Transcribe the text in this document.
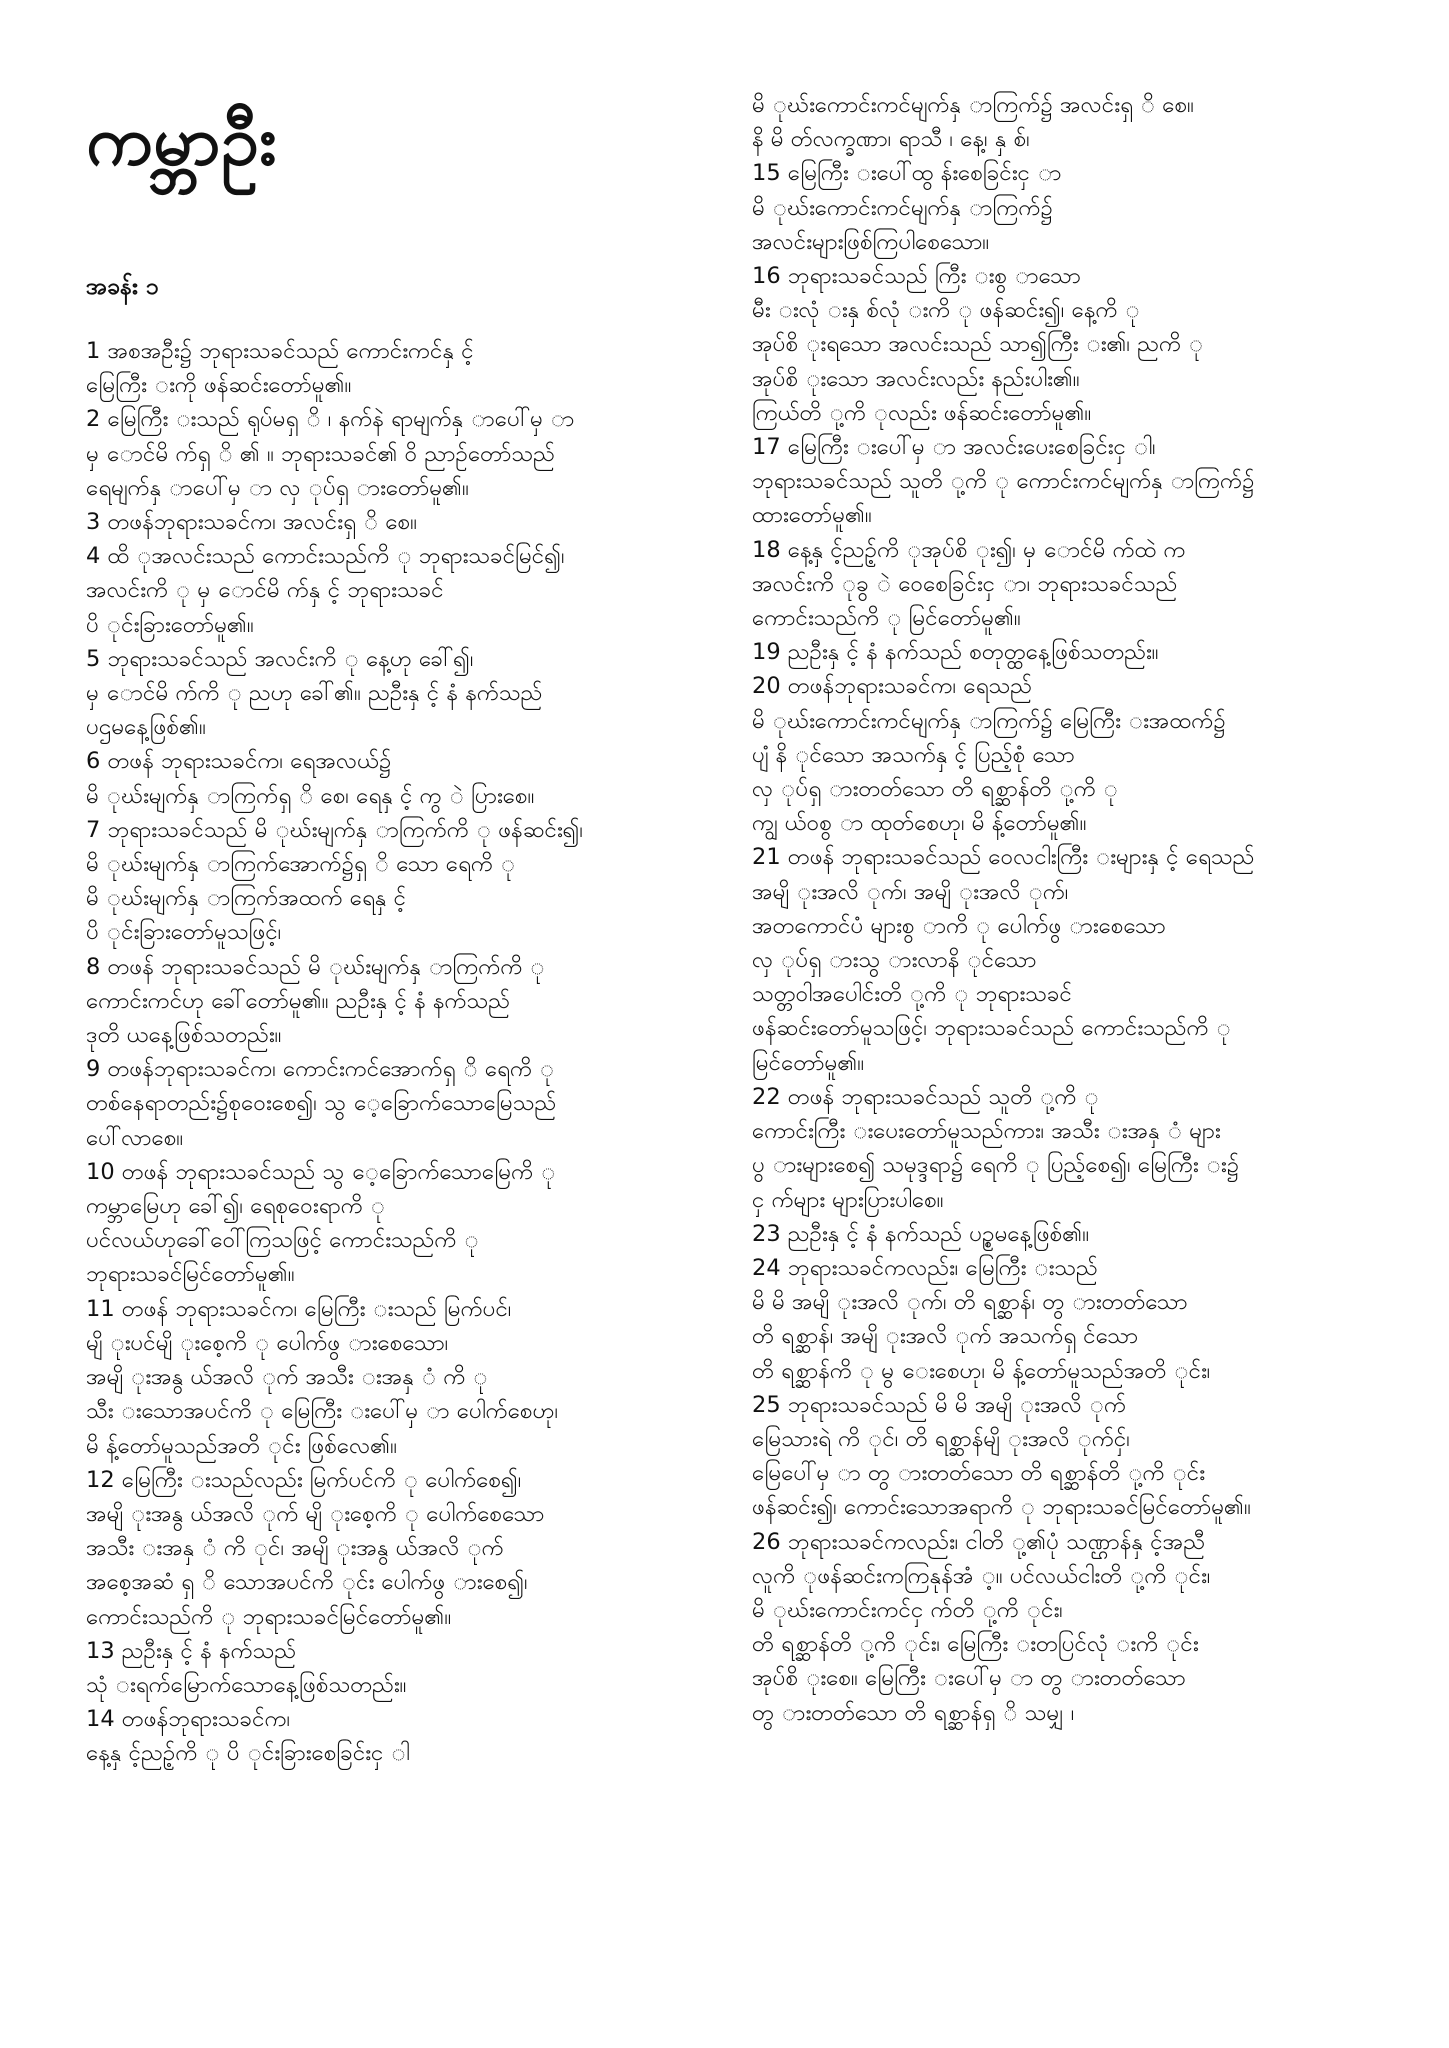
ကမ္ဘာဦး
အခန်း ၁
1 အစအဦး၌ ဘုရားသခင်သည် ကောင်းကင်နှ င့်
မြေကြီး းကို ဖန်ဆင်းတော်မူ၏။
2 မြေကြီး းသည် ရုပ်မရှ ိ ၊ နက်နဲ ရာမျက်နှ ာပေါ်မှ ာ
မှ ောင်မိ က်ရှ ိ ၏ ။ ဘုရားသခင်၏ ဝိ ညာဉ်တော်သည်
ရေမျက်နှ ာပေါ်မှ ာ လှ ုပ်ရှ ားတော်မူ၏။
3 တဖန်ဘုရားသခင်က၊ အလင်းရှ ိ စေ။
4 ထိ ုအလင်းသည် ကောင်းသည်ကိ ု ဘုရားသခင်မြင်၍၊
အလင်းကိ ု မှ ောင်မိ က်နှ င့် ဘုရားသခင်
ပိ ုင်းခြားတော်မူ၏။
5 ဘုရားသခင်သည် အလင်းကိ ု နေ့ဟု ခေါ်၍၊
မှ ောင်မိ က်ကိ ု ညဟု ခေါ်၏။ ညဦးနှ င့် နံ နက်သည်
ပဌမနေ့ဖြစ်၏။
6 တဖန် ဘုရားသခင်က၊ ရေအလယ်၌
မိ ုဃ်းမျက်နှ ာကြက်ရှ ိ စေ၊ ရေနှ င့် ကွ ဲ ပြားစေ။
7 ဘုရားသခင်သည် မိ ုဃ်းမျက်နှ ာကြက်ကိ ု ဖန်ဆင်း၍၊
မိ ုဃ်းမျက်နှ ာကြက်အောက်၌ရှ ိ သော ရေကိ ု
မိ ုဃ်းမျက်နှ ာကြက်အထက် ရေနှ င့်
ပိ ုင်းခြားတော်မူသဖြင့်၊
8 တဖန် ဘုရားသခင်သည် မိ ုဃ်းမျက်နှ ာကြက်ကိ ု
ကောင်းကင်ဟု ခေါ်တော်မူ၏။ ညဦးနှ င့် နံ နက်သည်
ဒုတိ ယနေ့ဖြစ်သတည်း။
9 တဖန်ဘုရားသခင်က၊ ကောင်းကင်အောက်ရှ ိ ရေကိ ု
တစ်နေရာတည်း၌စုဝေးစေ၍၊ သွ ေ့ခြောက်သောမြေသည်
ပေါ်လာစေ။
10 တဖန် ဘုရားသခင်သည် သွ ေ့ခြောက်သောမြေကိ ု
ကမ္ဘာမြေဟု ခေါ်၍၊ ရေစုဝေးရာကိ ု
ပင်လယ်ဟုခေါ်ဝေါ်ကြသဖြင့် ကောင်းသည်ကိ ု
ဘုရားသခင်မြင်တော်မူ၏။
11 တဖန် ဘုရားသခင်က၊ မြေကြီး းသည် မြက်ပင်၊
မျိ ုးပင်မျိ ုးစေ့ကိ ု ပေါက်ဖွ ားစေသော၊
အမျိ ုးအနွ ယ်အလိ ုက် အသီး းအနှ ံ ကိ ု
သီး းသောအပင်ကိ ု မြေကြီး းပေါ်မှ ာ ပေါက်စေဟု၊
မိ န့်တော်မူသည်အတိ ုင်း ဖြစ်လေ၏။
12 မြေကြီး းသည်လည်း မြက်ပင်ကိ ု ပေါက်စေ၍၊
အမျိ ုးအနွ ယ်အလိ ုက် မျိ ုးစေ့ကိ ု ပေါက်စေသော
အသီး းအနှ ံ ကိ ုင်၊ အမျိ ုးအနွ ယ်အလိ ုက်
အစေ့အဆံ ရှ ိ သောအပင်ကိ ုင်း ပေါက်ဖွ ားစေ၍၊
ကောင်းသည်ကိ ု ဘုရားသခင်မြင်တော်မူ၏။
13 ညဦးနှ င့် နံ နက်သည်
သုံ းရက်မြောက်သောနေ့ဖြစ်သတည်း။
14 တဖန်ဘုရားသခင်က၊
နေ့နှ င့်ညဉ့်ကိ ု ပိ ုင်းခြားစေခြင်းငှ ါ
မိ ုဃ်းကောင်းကင်မျက်နှ ာကြက်၌ အလင်းရှ ိ စေ။
နိ မိ တ်လက္ခဏာ၊ ရာသီ ၊ နေ့၊ နှ စ်၊
15 မြေကြီး းပေါ်ထွ န်းစေခြင်းငှ ာ
မိ ုဃ်းကောင်းကင်မျက်နှ ာကြက်၌
အလင်းများဖြစ်ကြပါစေသော။
16 ဘုရားသခင်သည် ကြီး းစွ ာသော
မီး းလုံ းနှ စ်လုံ းကိ ု ဖန်ဆင်း၍၊ နေ့ကိ ု
အုပ်စိ ုးရသော အလင်းသည် သာ၍ကြီး း၏၊ ညကိ ု
အုပ်စိ ုးသော အလင်းလည်း နည်းပါး၏။
ကြယ်တိ ု့ကိ ုလည်း ဖန်ဆင်းတော်မူ၏။
17 မြေကြီး းပေါ်မှ ာ အလင်းပေးစေခြင်းငှ ါ၊
ဘုရားသခင်သည် သူတိ ု့ကိ ု ကောင်းကင်မျက်နှ ာကြက်၌
ထားတော်မူ၏။
18 နေ့နှ င့်ညဉ့်ကိ ုအုပ်စိ ုး၍၊ မှ ောင်မိ က်ထဲ က
အလင်းကိ ုခွ ဲ ဝေစေခြင်းငှ ာ၊ ဘုရားသခင်သည်
ကောင်းသည်ကိ ု မြင်တော်မူ၏။
19 ညဦးနှ င့် နံ နက်သည် စတုတ္ထနေ့ဖြစ်သတည်း။
20 တဖန်ဘုရားသခင်က၊ ရေသည်
မိ ုဃ်းကောင်းကင်မျက်နှ ာကြက်၌ မြေကြီး းအထက်၌
ပျံ နိ ုင်သော အသက်နှ င့် ပြည့်စုံ သော
လှ ုပ်ရှ ားတတ်သော တိ ရစ္ဆာန်တိ ု့ကိ ု
ကျွ ယ်ဝစွ ာ ထုတ်စေဟု၊ မိ န့်တော်မူ၏။
21 တဖန် ဘုရားသခင်သည် ဝေလငါးကြီး းများနှ င့် ရေသည်
အမျိ ုးအလိ ုက်၊ အမျိ ုးအလိ ုက်၊
အတကောင်ပံ များစွ ာကိ ု ပေါက်ဖွ ားစေသော
လှ ုပ်ရှ ားသွ ားလာနိ ုင်သော
သတ္တဝါအပေါင်းတိ ု့ကိ ု ဘုရားသခင်
ဖန်ဆင်းတော်မူသဖြင့်၊ ဘုရားသခင်သည် ကောင်းသည်ကိ ု
မြင်တော်မူ၏။
22 တဖန် ဘုရားသခင်သည် သူတိ ု့ကိ ု
ကောင်းကြီး းပေးတော်မူသည်ကား၊ အသီး းအနှ ံ များ
ပွ ားများစေ၍ သမုဒ္ဒရာ၌ ရေကိ ု ပြည့်စေ၍၊ မြေကြီး း၌
ငှ က်များ များပြားပါစေ။
23 ညဦးနှ င့် နံ နက်သည် ပဉ္စမနေ့ဖြစ်၏။
24 ဘုရားသခင်ကလည်း၊ မြေကြီး းသည်
မိ မိ အမျိ ုးအလိ ုက်၊ တိ ရစ္ဆာန်၊ တွ ားတတ်သော
တိ ရစ္ဆာန်၊ အမျိ ုးအလိ ုက် အသက်ရှ င်သော
တိ ရစ္ဆာန်ကိ ု မွ ေးစေဟု၊ မိ န့်တော်မူသည်အတိ ုင်း၊
25 ဘုရားသခင်သည် မိ မိ အမျိ ုးအလိ ုက်
မြေသားရဲ ကိ ုင်၊ တိ ရစ္ဆာန်မျိ ုးအလိ ုက်ငှ်၊
မြေပေါ်မှ ာ တွ ားတတ်သော တိ ရစ္ဆာန်တိ ု့ကိ ုင်း
ဖန်ဆင်း၍၊ ကောင်းသောအရာကိ ု ဘုရားသခင်မြင်တော်မူ၏။
26 ဘုရားသခင်ကလည်း၊ ငါတိ ု့၏ပုံ သဏ္ဌာန်နှ င့်အညီ
လူကိ ုဖန်ဆင်းကကြနုန်အံ ့။ ပင်လယ်ငါးတိ ု့ကိ ုင်း၊
မိ ုဃ်းကောင်းကင်ငှ က်တိ ု့ကိ ုင်း၊
တိ ရစ္ဆာန်တိ ု့ကိ ုင်း၊ မြေကြီး းတပြင်လုံ းကိ ုင်း
အုပ်စိ ုးစေ။ မြေကြီး းပေါ်မှ ာ တွ ားတတ်သော
တွ ားတတ်သော တိ ရစ္ဆာန်ရှ ိ သမျှ ၊
